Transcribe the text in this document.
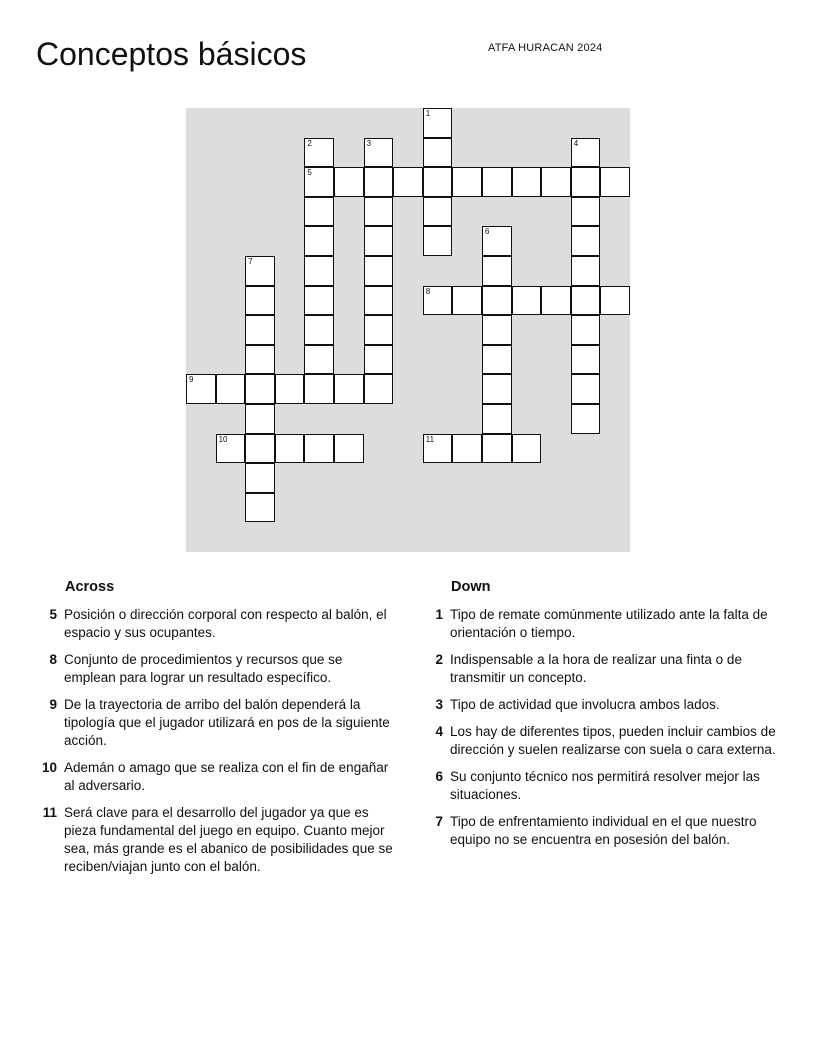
Conceptos básicos	ATFA HURACAN 2024
1
2	3	4
5
6
7
8
9
10	11
Across
5 Posición o dirección corporal con respecto al balón, el espacio y sus ocupantes.
8 Conjunto de procedimientos y recursos que se emplean para lograr un resultado específico.
9 De la trayectoria de arribo del balón dependerá la tipología que el jugador utilizará en pos de la siguiente acción.
10 Ademán o amago que se realiza con el fin de engañar al adversario.
11 Será clave para el desarrollo del jugador ya que es pieza fundamental del juego en equipo. Cuanto mejor sea, más grande es el abanico de posibilidades que se reciben/viajan junto con el balón.
Down
1 Tipo de remate comúnmente utilizado ante la falta de orientación o tiempo.
2 Indispensable a la hora de realizar una finta o de transmitir un concepto.
3 Tipo de actividad que involucra ambos lados.
4 Los hay de diferentes tipos, pueden incluir cambios de dirección y suelen realizarse con suela o cara externa.
6 Su conjunto técnico nos permitirá resolver mejor las situaciones.
7 Tipo de enfrentamiento individual en el que nuestro equipo no se encuentra en posesión del balón.
